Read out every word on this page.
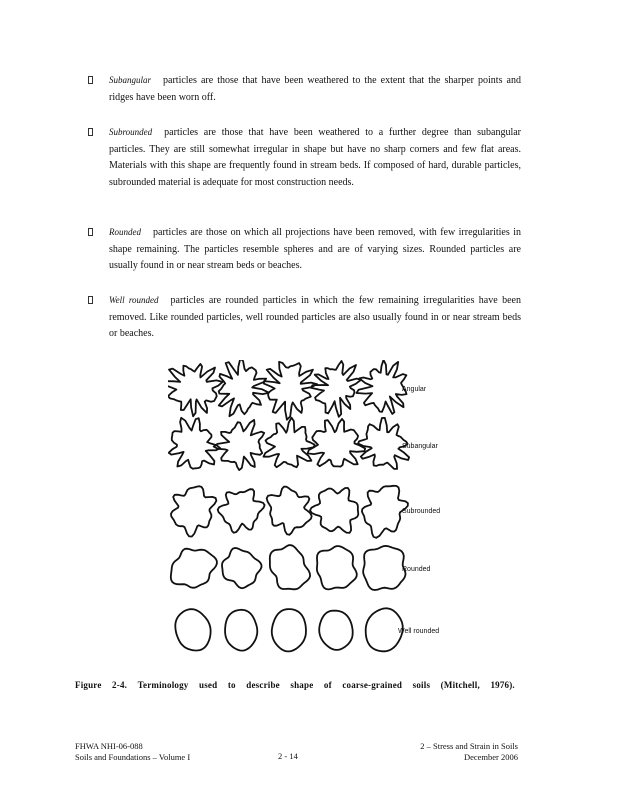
Subangular particles are those that have been weathered to the extent that the sharper points and ridges have been worn off.
Subrounded particles are those that have been weathered to a further degree than subangular particles. They are still somewhat irregular in shape but have no sharp corners and few flat areas. Materials with this shape are frequently found in stream beds. If composed of hard, durable particles, subrounded material is adequate for most construction needs.
Rounded particles are those on which all projections have been removed, with few irregularities in shape remaining. The particles resemble spheres and are of varying sizes. Rounded particles are usually found in or near stream beds or beaches.
Well rounded particles are rounded particles in which the few remaining irregularities have been removed. Like rounded particles, well rounded particles are also usually found in or near stream beds or beaches.
Angular
Subangular
Subrounded
Rounded
Well rounded
Figure 2-4. Terminology used to describe shape of coarse-grained soils (Mitchell, 1976).
FHWA NHI-06-088
Soils and Foundations – Volume I	2 - 14
2 – Stress and Strain in Soils
December 2006
